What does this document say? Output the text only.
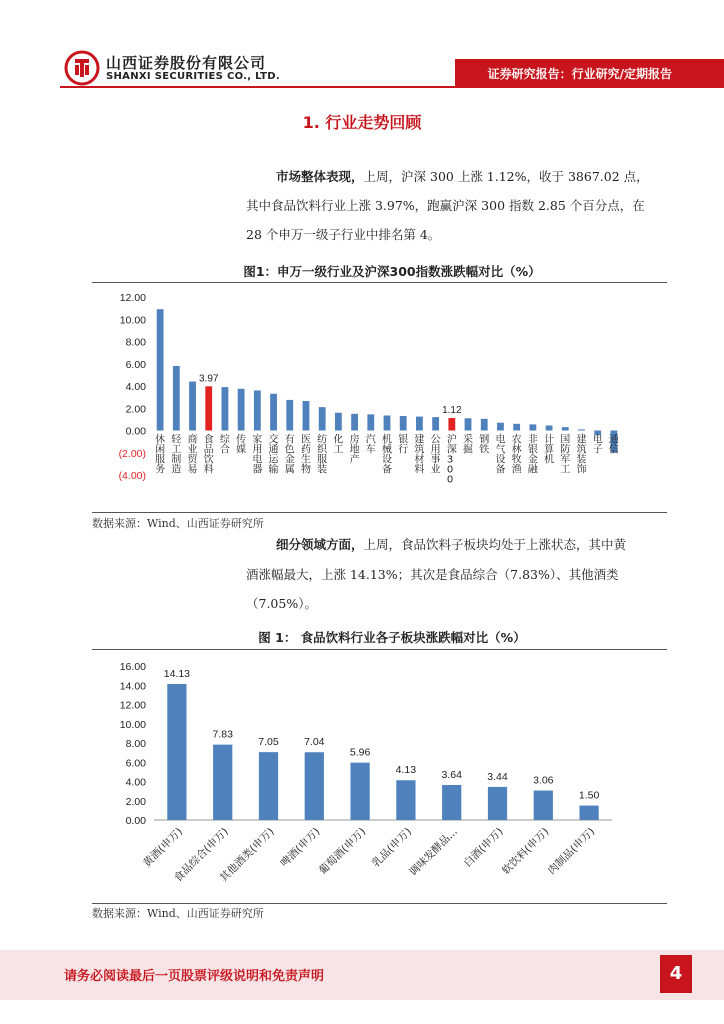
山西证券股份有限公司
SHANXI SECURITIES CO., LTD.	证券研究报告：行业研究/定期报告
1. 行业走势回顾
市场整体表现，上周，沪深 300 上涨 1.12%，收于 3867.02 点，
其中食品饮料行业上涨 3.97%，跑赢沪深 300 指数 2.85 个百分点，在
28 个申万一级子行业中排名第 4。
图1：申万一级行业及沪深300指数涨跌幅对比（%）
12.00
10.00
8.00
6.00
4.00
2.00
0.00
(2.00)
(4.00)
休闲服务
轻工制造
商业贸易
食品饮料
综合
传媒
家用电器
交通运输
有色金属
医药生物
纺织服装
化工
房地产
汽车
机械设备
银行
建筑材料
公用事业
沪深 3 0 0
采掘
钢铁
电气设备
农林牧渔
非银金融
计算机
国防军工
建筑装饰
电子
通信
3.97
1.12
数据来源：Wind、山西证券研究所
细分领域方面，上周，食品饮料子板块均处于上涨状态，其中黄
酒涨幅最大，上涨 14.13%；其次是食品综合（7.83%）、其他酒类
（7.05%）。
图 1： 食品饮料行业各子板块涨跌幅对比（%）
0.00
2.00
4.00
6.00
8.00
10.00
12.00
14.00
16.00
14.13
黄酒(申万)
7.83
食品综合(申万)
7.05
其他酒类(申万)
7.04
啤酒(申万)
5.96
葡萄酒(申万)
4.13
乳品(申万)
3.64
调味发酵品...
3.44
白酒(申万)
3.06
软饮料(申万)
1.50
肉制品(申万)
数据来源：Wind、山西证券研究所
请务必阅读最后一页股票评级说明和免责声明	4
